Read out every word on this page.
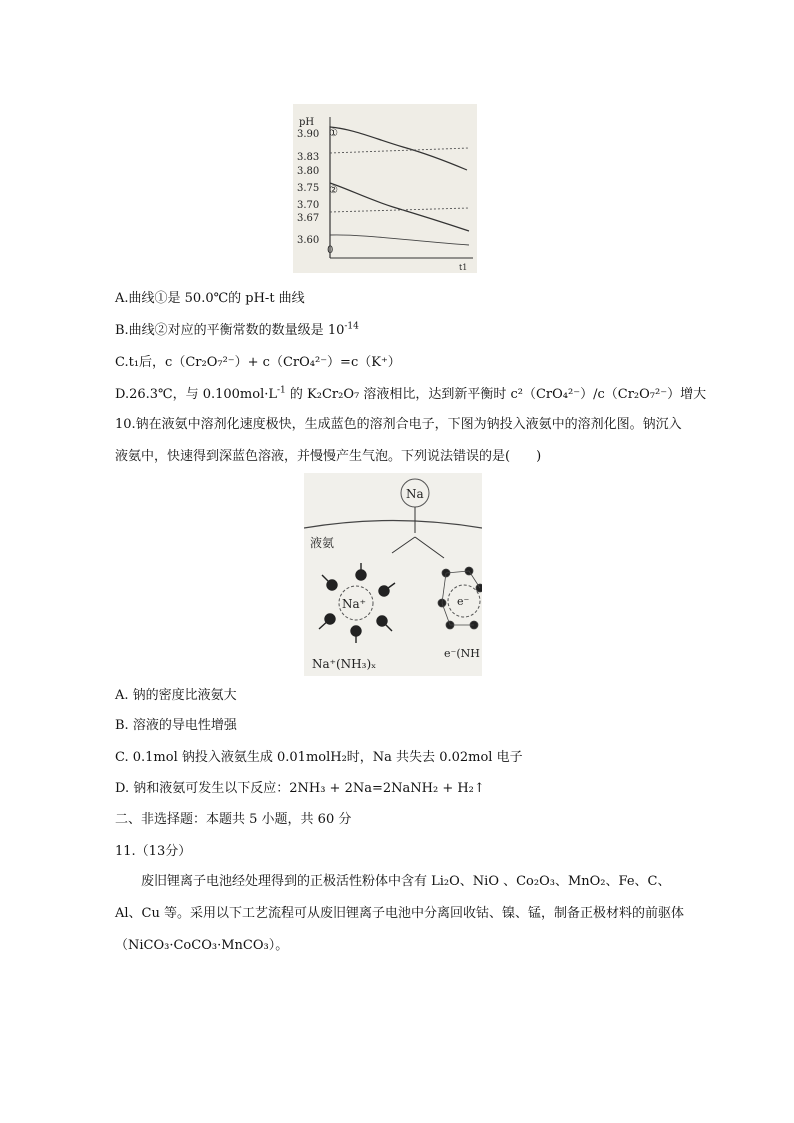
pH
3.90
3.83
3.80
3.75
3.70
3.67
3.60
①
②
0
t1
A.曲线①是 50.0℃的 pH-t 曲线
B.曲线②对应的平衡常数的数量级是 $10^{-14}$
C.t₁后，c（Cr₂O₇²⁻）+ c（CrO₄²⁻）=c（K⁺）
D.26.3℃，与 $0.100mol\cdot L^{-1}$ 的 K₂Cr₂O₇ 溶液相比，达到新平衡时 c²（CrO₄²⁻）/c（Cr₂O₇²⁻）增大
10.钠在液氨中溶剂化速度极快，生成蓝色的溶剂合电子，下图为钠投入液氨中的溶剂化图。钠沉入液氨中，快速得到深蓝色溶液，并慢慢产生气泡。下列说法错误的是(　　)
Na
液氨
Na⁺	e⁻
Na⁺(NH₃)ₓ
e⁻(NH
A. 钠的密度比液氨大
B. 溶液的导电性增强
C. 0.1mol 钠投入液氨生成 0.01molH₂时，Na 共失去 0.02mol 电子
D. 钠和液氨可发生以下反应：2NH₃ + 2Na=2NaNH₂ + H₂↑
二、非选择题：本题共 5 小题，共 60 分
11.（13分）
　　废旧锂离子电池经处理得到的正极活性粉体中含有 Li₂O、NiO 、Co₂O₃、MnO₂、Fe、C、Al、Cu 等。采用以下工艺流程可从废旧锂离子电池中分离回收钴、镍、锰，制备正极材料的前驱体（NiCO₃·CoCO₃·MnCO₃）。
